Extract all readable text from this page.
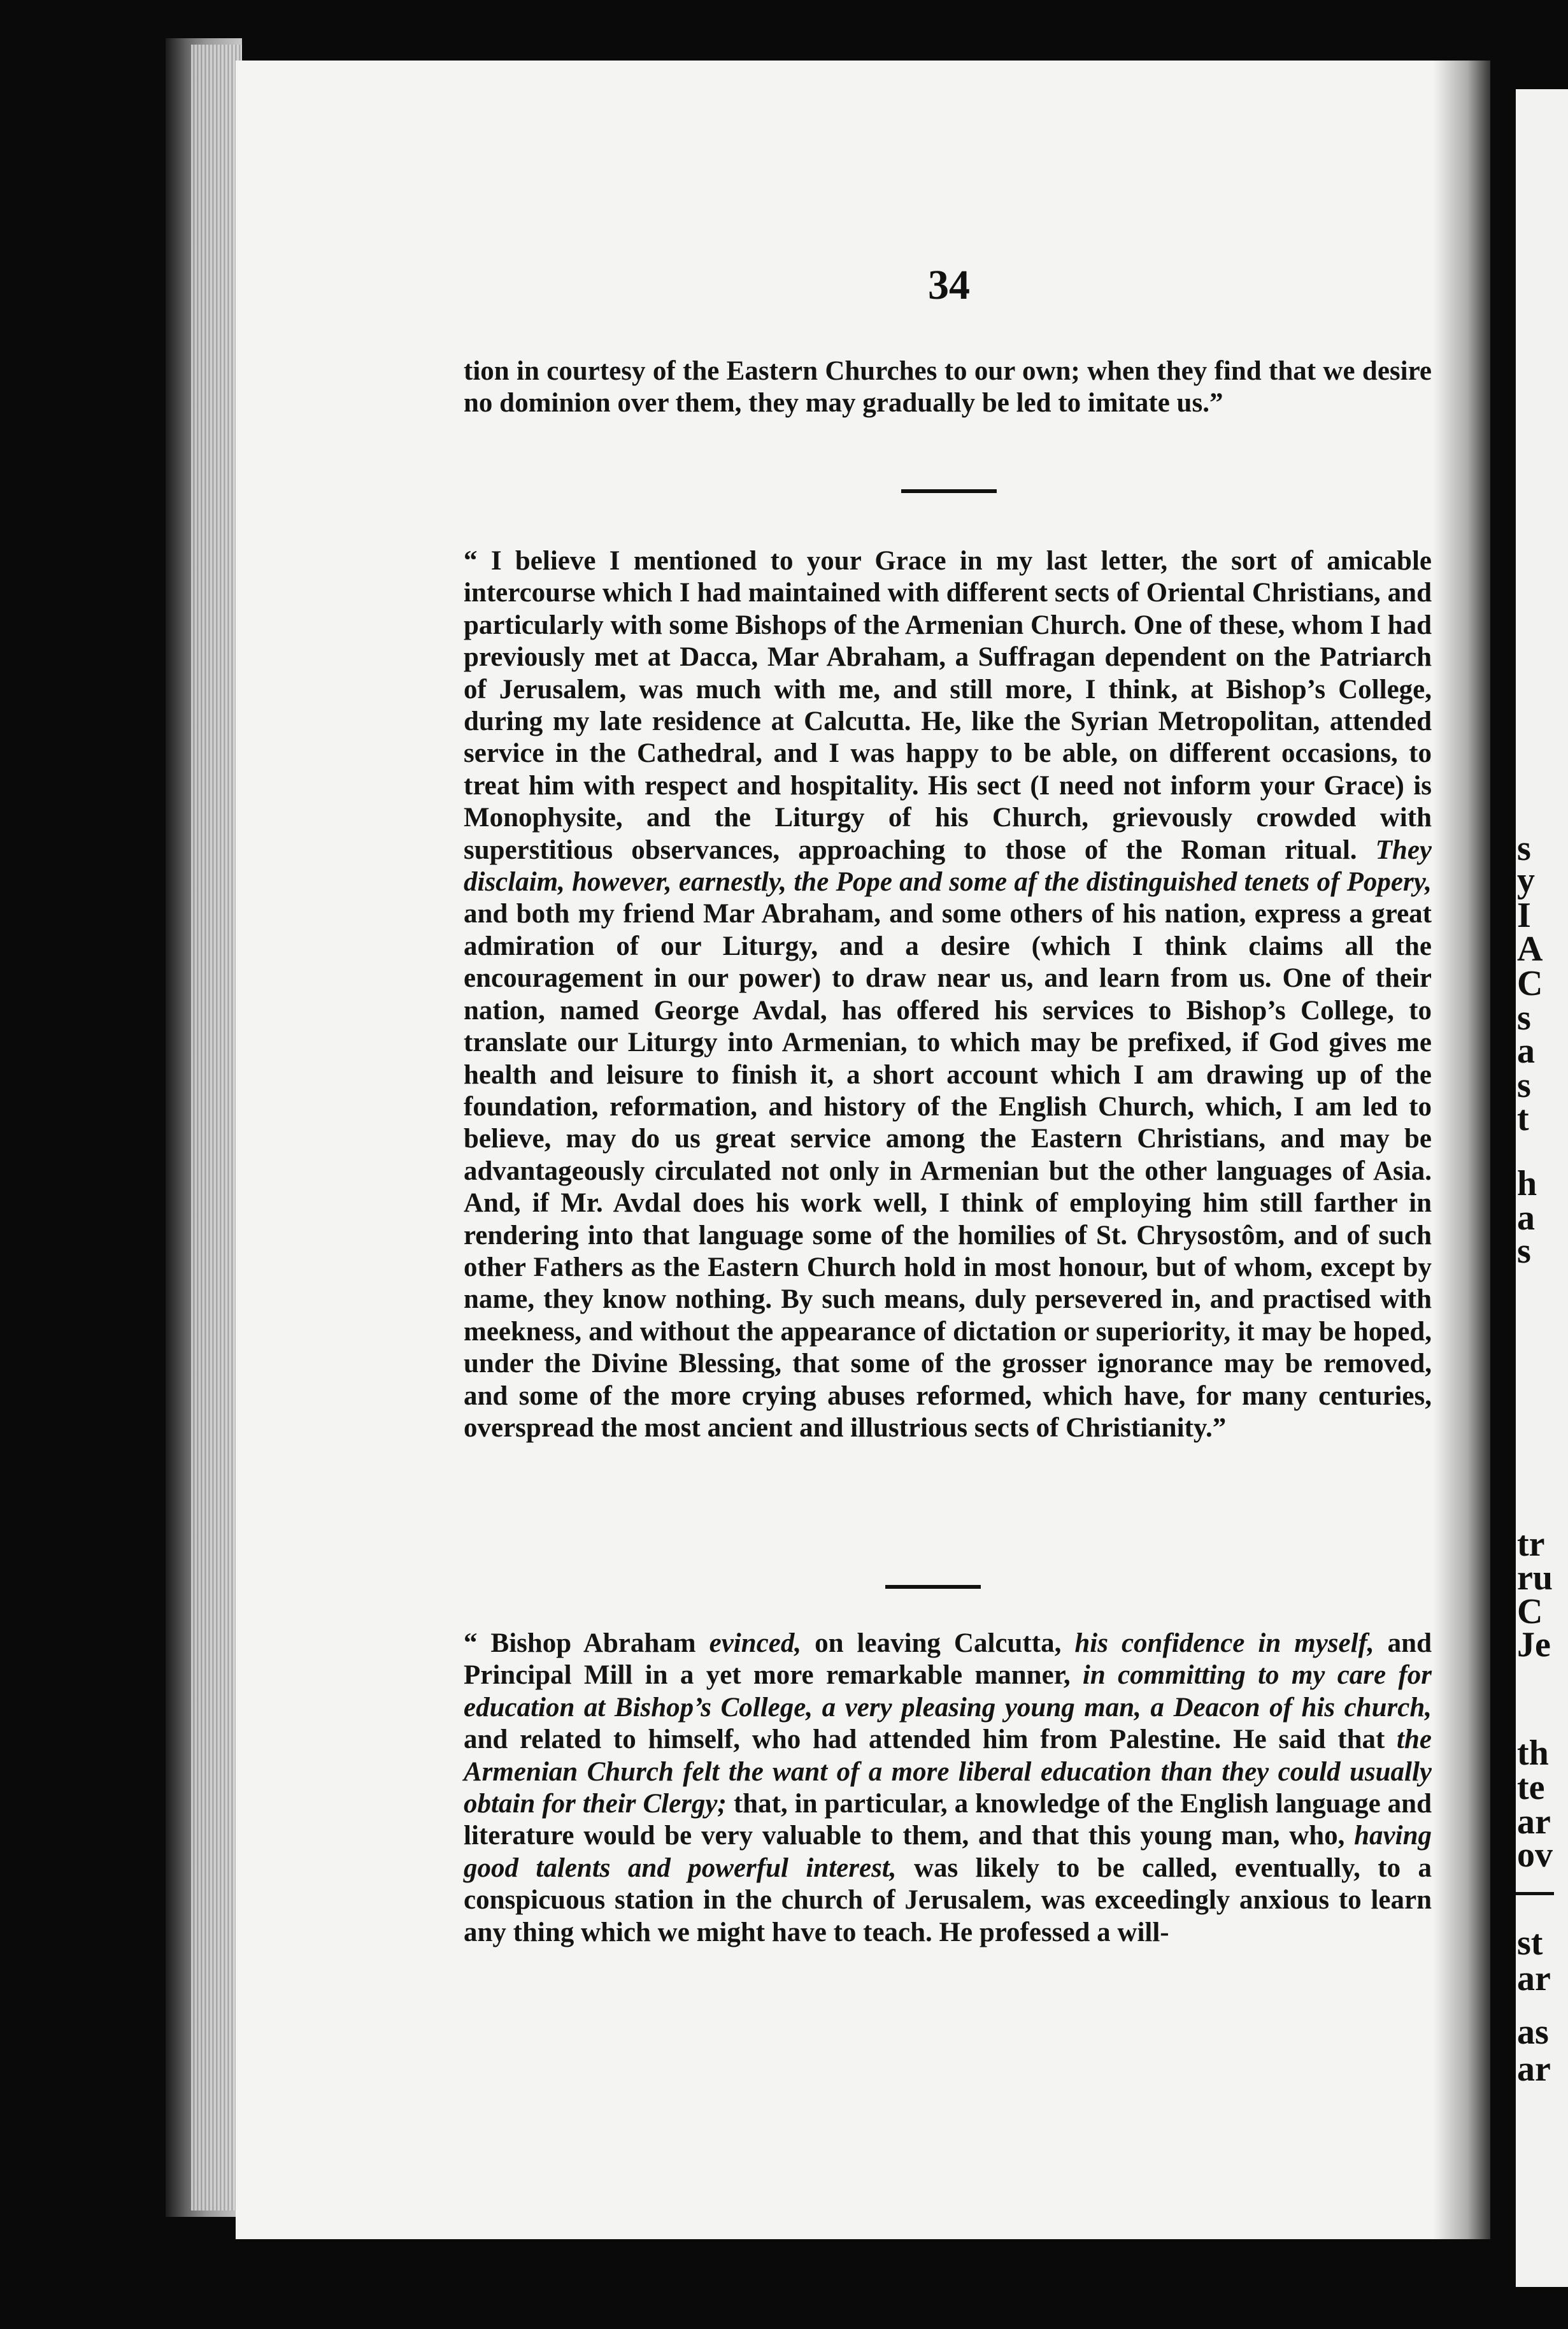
s
y
I
A
C
s
a
s
t
h
a
s
tr
ru
C
Je
th
te
ar
ov
st
ar
as
ar
34

tion in courtesy of the Eastern Churches to our own; when they find that we desire no dominion over them, they may gradually be led to imitate us.”

“ I believe I mentioned to your Grace in my last letter, the sort of amicable intercourse which I had maintained with different sects of Oriental Christians, and particularly with some Bishops of the Armenian Church. One of these, whom I had previously met at Dacca, Mar Abraham, a Suffragan dependent on the Patriarch of Jerusalem, was much with me, and still more, I think, at Bishop’s College, during my late residence at Calcutta. He, like the Syrian Metropolitan, attended service in the Cathedral, and I was happy to be able, on different occasions, to treat him with respect and hospitality. His sect (I need not inform your Grace) is Monophysite, and the Liturgy of his Church, grievously crowded with superstitious observances, approaching to those of the Roman ritual. They disclaim, however, earnestly, the Pope and some af the distinguished tenets of Popery, and both my friend Mar Abraham, and some others of his nation, express a great admiration of our Liturgy, and a desire (which I think claims all the encouragement in our power) to draw near us, and learn from us. One of their nation, named George Avdal, has offered his services to Bishop’s College, to translate our Liturgy into Armenian, to which may be prefixed, if God gives me health and leisure to finish it, a short account which I am drawing up of the foundation, reformation, and history of the English Church, which, I am led to believe, may do us great service among the Eastern Christians, and may be advantageously circulated not only in Armenian but the other languages of Asia. And, if Mr. Avdal does his work well, I think of employing him still farther in rendering into that language some of the homilies of St. Chrysostôm, and of such other Fathers as the Eastern Church hold in most honour, but of whom, except by name, they know nothing. By such means, duly persevered in, and practised with meekness, and without the appearance of dictation or superiority, it may be hoped, under the Divine Blessing, that some of the grosser ignorance may be removed, and some of the more crying abuses reformed, which have, for many centuries, overspread the most ancient and illustrious sects of Christianity.”

“ Bishop Abraham evinced, on leaving Calcutta, his confidence in myself, and Principal Mill in a yet more remarkable manner, in committing to my care for education at Bishop’s College, a very pleasing young man, a Deacon of his church, and related to himself, who had attended him from Palestine. He said that the Armenian Church felt the want of a more liberal education than they could usually obtain for their Clergy; that, in particular, a knowledge of the English language and literature would be very valuable to them, and that this young man, who, having good talents and powerful interest, was likely to be called, eventually, to a conspicuous station in the church of Jerusalem, was exceedingly anxious to learn any thing which we might have to teach. He professed a will-
